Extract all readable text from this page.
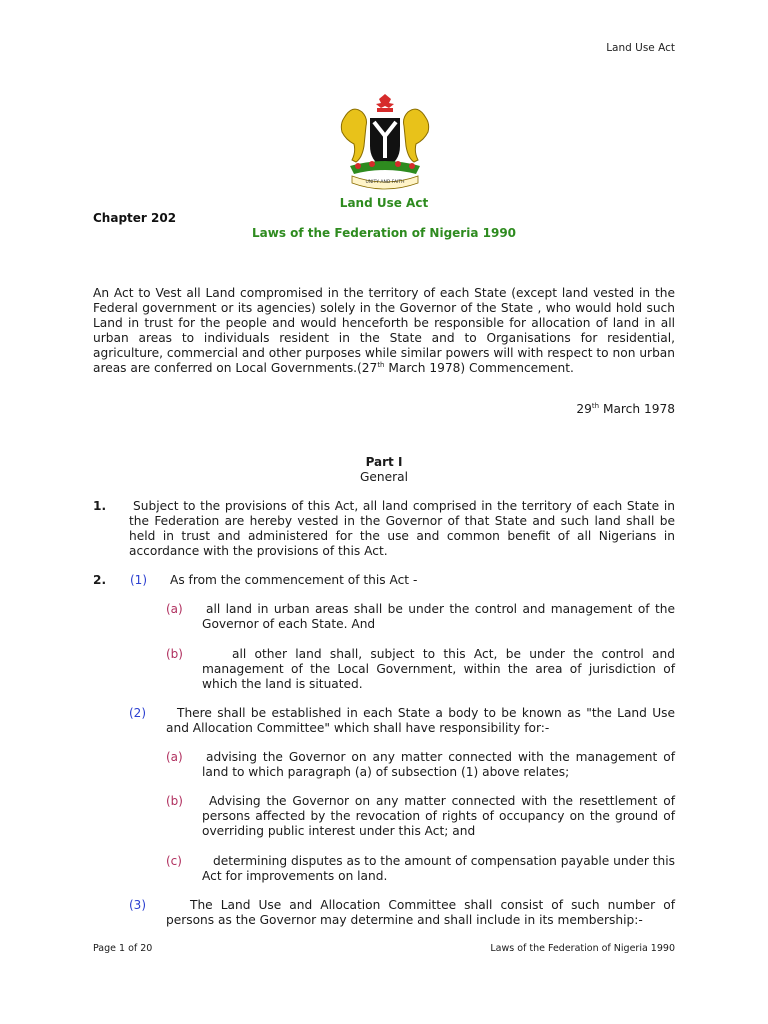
Land Use Act
UNITY AND FAITH
Land Use Act
Chapter 202
Laws of the Federation of Nigeria 1990
An Act to Vest all Land compromised in the territory of each State (except land vested in the Federal government or its agencies) solely in the Governor of the State , who would hold such Land in trust for the people and would henceforth be responsible for allocation of land in all urban areas to individuals resident in the State and to Organisations for residential, agriculture, commercial and other purposes while similar powers will with respect to non urban areas are conferred on Local Governments.(27th March 1978) Commencement.
29th March 1978
Part I
General
1.	Subject to the provisions of this Act, all land comprised in the territory of each State in the Federation are hereby vested in the Governor of that State and such land shall be held in trust and administered for the use and common benefit of all Nigerians in accordance with the provisions of this Act.
2. (1) As from the commencement of this Act -
(a)	all land in urban areas shall be under the control and management of the Governor of each State. And
(b)	all other land shall, subject to this Act, be under the control and management of the Local Government, within the area of jurisdiction of which the land is situated.
(2)	There shall be established in each State a body to be known as "the Land Use and Allocation Committee" which shall have responsibility for:-
(a)	advising the Governor on any matter connected with the management of land to which paragraph (a) of subsection (1) above relates;
(b)	Advising the Governor on any matter connected with the resettlement of persons affected by the revocation of rights of occupancy on the ground of overriding public interest under this Act; and
(c)	determining disputes as to the amount of compensation payable under this Act for improvements on land.
(3)	The Land Use and Allocation Committee shall consist of such number of persons as the Governor may determine and shall include in its membership:-
Page 1 of 20	Laws of the Federation of Nigeria 1990
